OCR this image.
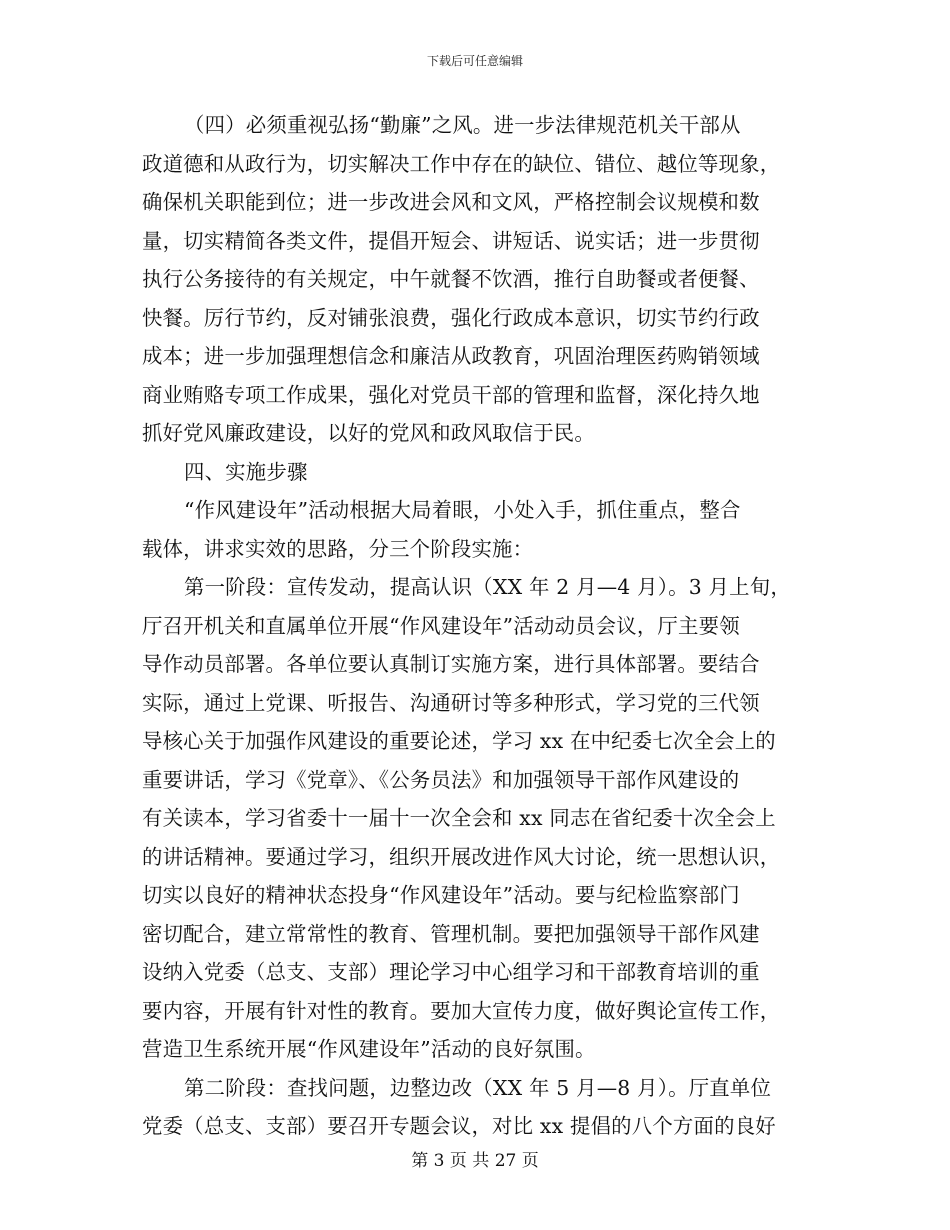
下载后可任意编辑
（四）必须重视弘扬“勤廉”之风。进一步法律规范机关干部从
政道德和从政行为，切实解决工作中存在的缺位、错位、越位等现象，
确保机关职能到位；进一步改进会风和文风，严格控制会议规模和数
量，切实精简各类文件，提倡开短会、讲短话、说实话；进一步贯彻
执行公务接待的有关规定，中午就餐不饮酒，推行自助餐或者便餐、
快餐。厉行节约，反对铺张浪费，强化行政成本意识，切实节约行政
成本；进一步加强理想信念和廉洁从政教育，巩固治理医药购销领域
商业贿赂专项工作成果，强化对党员干部的管理和监督，深化持久地
抓好党风廉政建设，以好的党风和政风取信于民。
四、实施步骤
“作风建设年”活动根据大局着眼，小处入手，抓住重点，整合
载体，讲求实效的思路，分三个阶段实施：
第一阶段：宣传发动，提高认识（XX 年 2 月—4 月）。3 月上旬，
厅召开机关和直属单位开展“作风建设年”活动动员会议，厅主要领
导作动员部署。各单位要认真制订实施方案，进行具体部署。要结合
实际，通过上党课、听报告、沟通研讨等多种形式，学习党的三代领
导核心关于加强作风建设的重要论述，学习 xx 在中纪委七次全会上的
重要讲话，学习《党章》、《公务员法》和加强领导干部作风建设的
有关读本，学习省委十一届十一次全会和 xx 同志在省纪委十次全会上
的讲话精神。要通过学习，组织开展改进作风大讨论，统一思想认识，
切实以良好的精神状态投身“作风建设年”活动。要与纪检监察部门
密切配合，建立常常性的教育、管理机制。要把加强领导干部作风建
设纳入党委（总支、支部）理论学习中心组学习和干部教育培训的重
要内容，开展有针对性的教育。要加大宣传力度，做好舆论宣传工作，
营造卫生系统开展“作风建设年”活动的良好氛围。
第二阶段：查找问题，边整边改（XX 年 5 月—8 月）。厅直单位
党委（总支、支部）要召开专题会议，对比 xx 提倡的八个方面的良好
第 3 页 共 27 页
